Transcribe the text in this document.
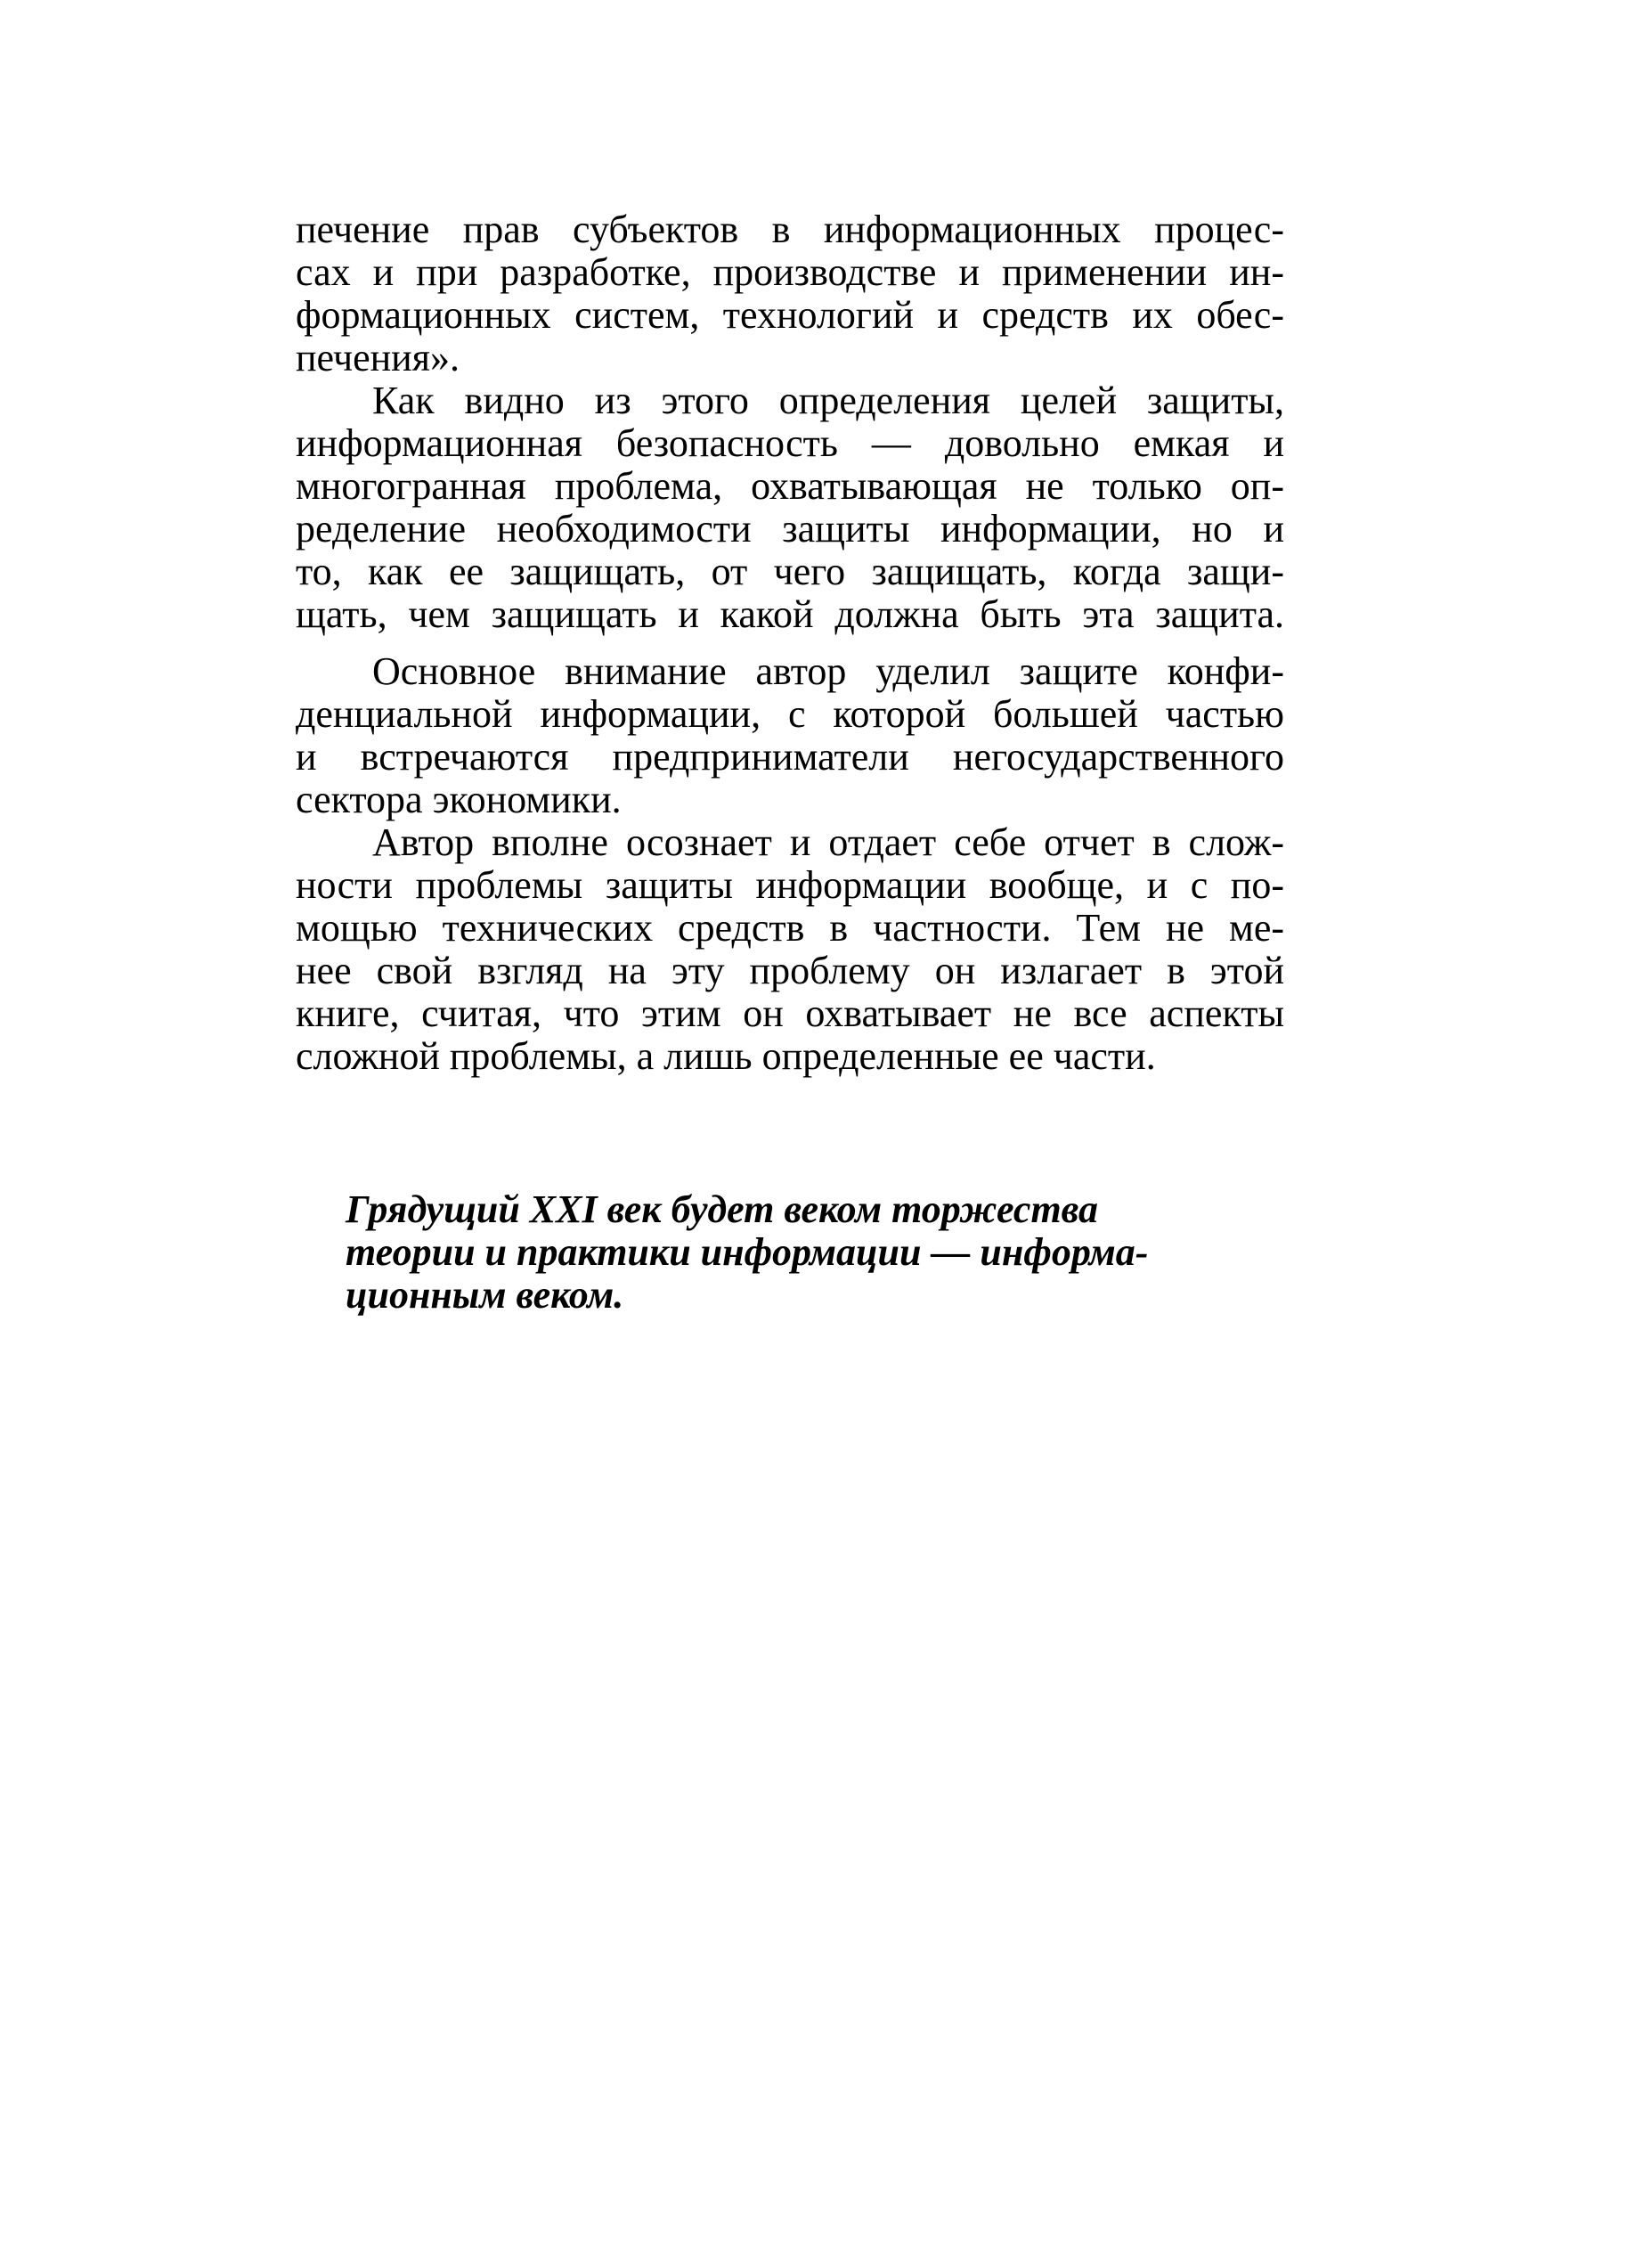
печение прав субъектов в информационных процес-

сах и при разработке, производстве и применении ин-

формационных систем, технологий и средств их обес-

печения».

Как видно из этого определения целей защиты,

информационная безопасность — довольно емкая и

многогранная проблема, охватывающая не только оп-

ределение необходимости защиты информации, но и

то, как ее защищать, от чего защищать, когда защи-

щать, чем защищать и какой должна быть эта защита.

Основное внимание автор уделил защите конфи-

денциальной информации, с которой большей частью

и встречаются предприниматели негосударственного

сектора экономики.

Автор вполне осознает и отдает себе отчет в слож-

ности проблемы защиты информации вообще, и с по-

мощью технических средств в частности. Тем не ме-

нее свой взгляд на эту проблему он излагает в этой

книге, считая, что этим он охватывает не все аспекты

сложной проблемы, а лишь определенные ее части.

Грядущий XXI век будет веком торжества

теории и практики информации — информа-

ционным веком.
